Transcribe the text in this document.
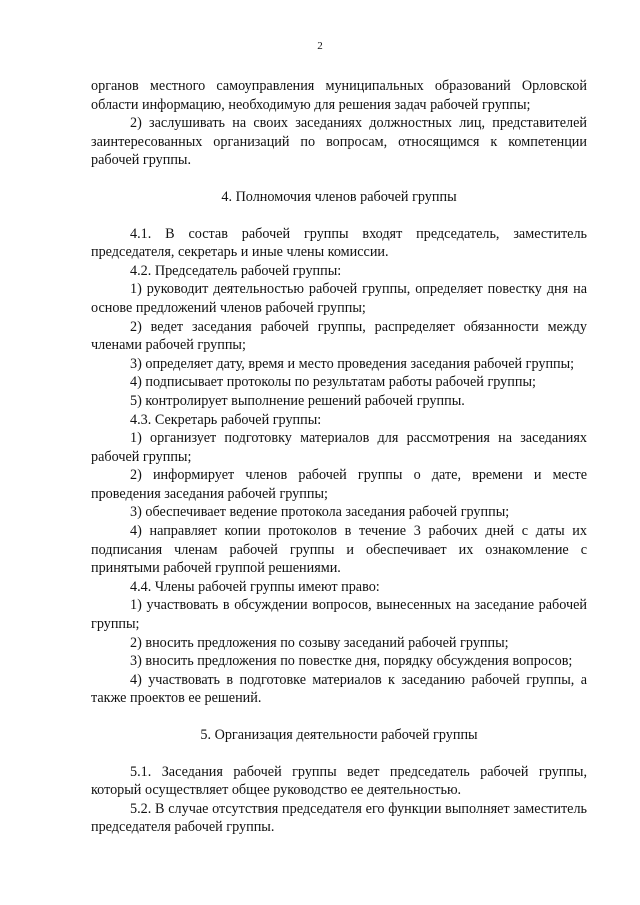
2

органов местного самоуправления муниципальных образований Орловской области информацию, необходимую для решения задач рабочей группы;

2) заслушивать на своих заседаниях должностных лиц, представителей заинтересованных организаций по вопросам, относящимся к компетенции рабочей группы.

4. Полномочия членов рабочей группы

4.1. В состав рабочей группы входят председатель, заместитель председателя, секретарь и иные члены комиссии.

4.2. Председатель рабочей группы:

1) руководит деятельностью рабочей группы, определяет повестку дня на основе предложений членов рабочей группы;

2) ведет заседания рабочей группы, распределяет обязанности между членами рабочей группы;

3) определяет дату, время и место проведения заседания рабочей группы;

4) подписывает протоколы по результатам работы рабочей группы;

5) контролирует выполнение решений рабочей группы.

4.3. Секретарь рабочей группы:

1) организует подготовку материалов для рассмотрения на заседаниях рабочей группы;

2) информирует членов рабочей группы о дате, времени и месте проведения заседания рабочей группы;

3) обеспечивает ведение протокола заседания рабочей группы;

4) направляет копии протоколов в течение 3 рабочих дней с даты их подписания членам рабочей группы и обеспечивает их ознакомление с принятыми рабочей группой решениями.

4.4. Члены рабочей группы имеют право:

1) участвовать в обсуждении вопросов, вынесенных на заседание рабочей группы;

2) вносить предложения по созыву заседаний рабочей группы;

3) вносить предложения по повестке дня, порядку обсуждения вопросов;

4) участвовать в подготовке материалов к заседанию рабочей группы, а также проектов ее решений.

5. Организация деятельности рабочей группы

5.1. Заседания рабочей группы ведет председатель рабочей группы, который осуществляет общее руководство ее деятельностью.

5.2. В случае отсутствия председателя его функции выполняет заместитель председателя рабочей группы.
